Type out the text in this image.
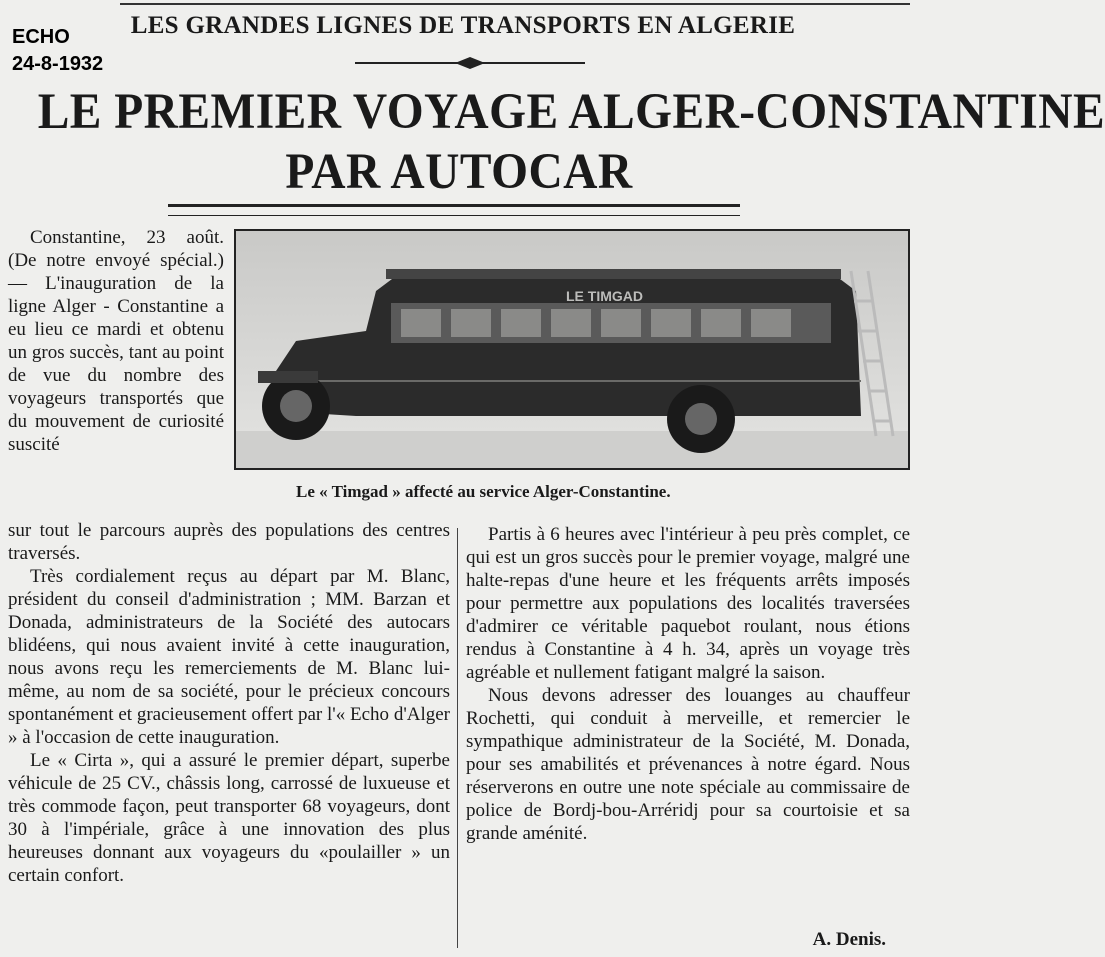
ECHO
24-8-1932
LES GRANDES LIGNES DE TRANSPORTS EN ALGERIE
LE PREMIER VOYAGE ALGER-CONSTANTINE
PAR AUTOCAR
LE TIMGAD
Le « Timgad » affecté au service Alger-Constantine.

Constantine, 23 août. (De notre envoyé spécial.) — L'inauguration de la ligne Alger - Constantine a eu lieu ce mardi et obtenu un gros succès, tant au point de vue du nombre des voyageurs transportés que du mouvement de curiosité suscité

sur tout le parcours auprès des populations des centres traversés.

Très cordialement reçus au départ par M. Blanc, président du conseil d'administration ; MM. Barzan et Donada, administrateurs de la Société des autocars blidéens, qui nous avaient invité à cette inauguration, nous avons reçu les remerciements de M. Blanc lui-même, au nom de sa société, pour le précieux concours spontanément et gracieusement offert par l'« Echo d'Alger » à l'occasion de cette inauguration.

Le « Cirta », qui a assuré le premier départ, superbe véhicule de 25 CV., châssis long, carrossé de luxueuse et très commode façon, peut transporter 68 voyageurs, dont 30 à l'impériale, grâce à une innovation des plus heureuses donnant aux voyageurs du «poulailler » un certain confort.

Partis à 6 heures avec l'intérieur à peu près complet, ce qui est un gros succès pour le premier voyage, malgré une halte-repas d'une heure et les fréquents arrêts imposés pour permettre aux populations des localités traversées d'admirer ce véritable paquebot roulant, nous étions rendus à Constantine à 4 h. 34, après un voyage très agréable et nullement fatigant malgré la saison.

Nous devons adresser des louanges au chauffeur Rochetti, qui conduit à merveille, et remercier le sympathique administrateur de la Société, M. Donada, pour ses amabilités et prévenances à notre égard. Nous réserverons en outre une note spéciale au commissaire de police de Bordj-bou-Arréridj pour sa courtoisie et sa grande aménité.

A. Denis.
